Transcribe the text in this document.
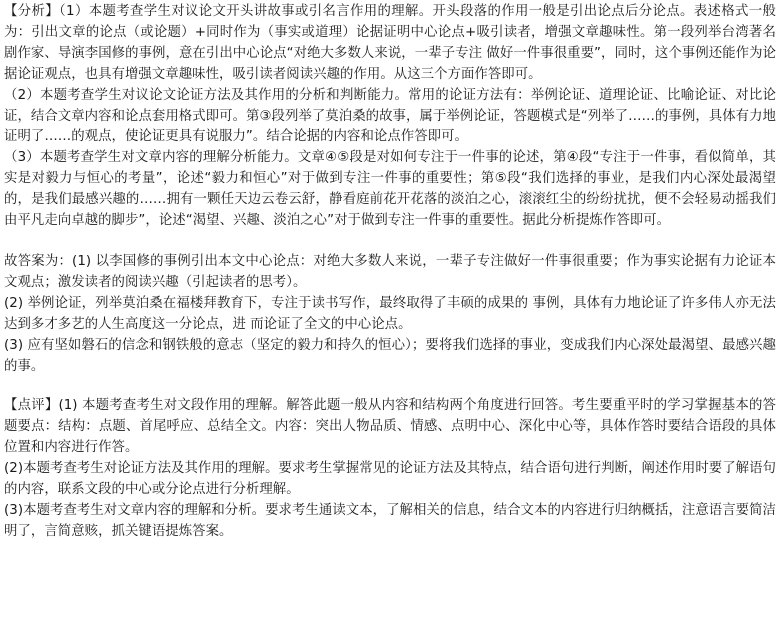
【分析】（1）本题考查学生对议论文开头讲故事或引名言作用的理解。开头段落的作用一般是引出论点后分论点。表述格式一般为：引出文章的论点（或论题）+同时作为（事实或道理）论据证明中心论点+吸引读者，增强文章趣味性。第一段列举台湾著名剧作家、导演李国修的事例，意在引出中心论点“对绝大多数人来说，一辈子专注 做好一件事很重要”，同时，这个事例还能作为论据论证观点，也具有增强文章趣味性，吸引读者阅读兴趣的作用。从这三个方面作答即可。

（2）本题考查学生对议论文论证方法及其作用的分析和判断能力。常用的论证方法有：举例论证、道理论证、比喻论证、对比论证，结合文章内容和论点套用格式即可。第③段列举了莫泊桑的故事，属于举例论证，答题模式是“列举了……的事例，具体有力地证明了……的观点，使论证更具有说服力”。结合论据的内容和论点作答即可。

（3）本题考查学生对文章内容的理解分析能力。文章④⑤段是对如何专注于一件事的论述，第④段“专注于一件事，看似简单，其实是对毅力与恒心的考量”，论述“毅力和恒心”对于做到专注一件事的重要性；第⑤段“我们选择的事业，是我们内心深处最渴望的，是我们最感兴趣的……拥有一颗任天边云卷云舒，静看庭前花开花落的淡泊之心，滚滚红尘的纷纷扰扰，便不会轻易动摇我们由平凡走向卓越的脚步”，论述“渴望、兴趣、淡泊之心”对于做到专注一件事的重要性。据此分析提炼作答即可。

故答案为：(1) 以李国修的事例引出本文中心论点：对绝大多数人来说，一辈子专注做好一件事很重要；作为事实论据有力论证本文观点；激发读者的阅读兴趣（引起读者的思考）。

(2) 举例论证，列举莫泊桑在福楼拜教育下，专注于读书写作，最终取得了丰硕的成果的 事例，具体有力地论证了许多伟人亦无法达到多才多艺的人生高度这一分论点，进 而论证了全文的中心论点。

(3) 应有坚如磐石的信念和钢铁般的意志（坚定的毅力和持久的恒心）；要将我们选择的事业，变成我们内心深处最渴望、最感兴趣的事。

【点评】(1) 本题考查考生对文段作用的理解。解答此题一般从内容和结构两个角度进行回答。考生要重平时的学习掌握基本的答题要点：结构：点题、首尾呼应、总结全文。内容：突出人物品质、情感、点明中心、深化中心等，具体作答时要结合语段的具体位置和内容进行作答。

(2)本题考查考生对论证方法及其作用的理解。要求考生掌握常见的论证方法及其特点，结合语句进行判断，阐述作用时要了解语句的内容，联系文段的中心或分论点进行分析理解。

(3)本题考查考生对文章内容的理解和分析。要求考生通读文本，了解相关的信息，结合文本的内容进行归纳概括，注意语言要简洁明了，言简意赅，抓关键语提炼答案。
